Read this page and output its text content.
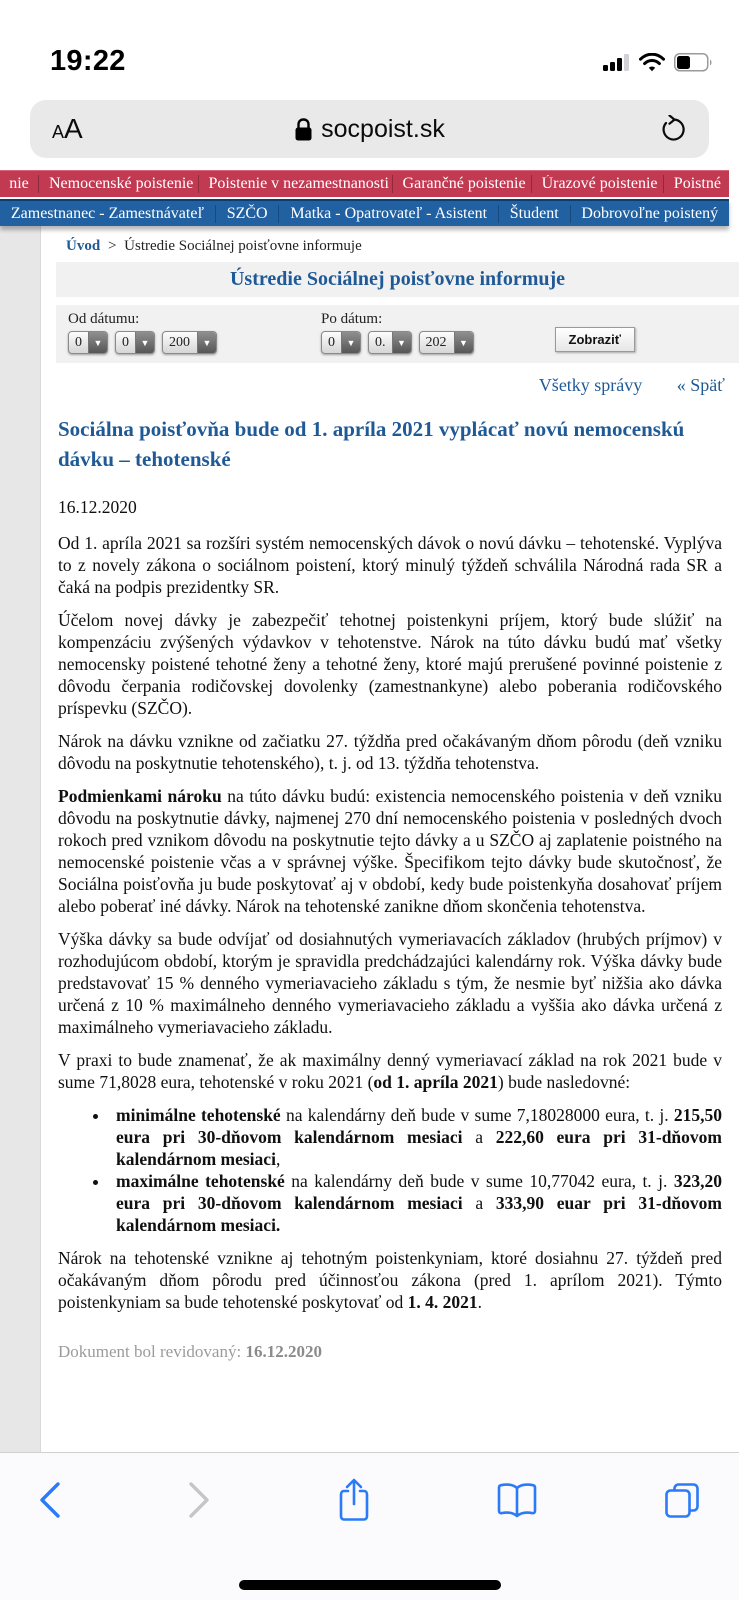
19:22
AA	socpoist.sk
nie	Nemocenské poistenie Poistenie v nezamestnanosti Garančné poistenie Úrazové poistenie	Poistné
Zamestnanec - Zamestnávateľ	SZČO	Matka - Opatrovateľ - Asistent	Študent	Dobrovoľne poistený
Úvod > Ústredie Sociálnej poisťovne informuje
Ústredie Sociálnej poisťovne informuje
Od dátumu:
0	▼	0	▼	200	▼
Po dátum:
0	▼	0.	▼	202	▼	Zobraziť
Všetky správy « Späť
Sociálna poisťovňa bude od 1. apríla 2021 vyplácať novú nemocenskú dávku – tehotenské
16.12.2020

Od 1. apríla 2021 sa rozšíri systém nemocenských dávok o novú dávku – tehotenské. Vyplýva to z novely zákona o sociálnom poistení, ktorý minulý týždeň schválila Národná rada SR a čaká na podpis prezidentky SR.

Účelom novej dávky je zabezpečiť tehotnej poistenkyni príjem, ktorý bude slúžiť na kompenzáciu zvýšených výdavkov v tehotenstve. Nárok na túto dávku budú mať všetky nemocensky poistené tehotné ženy a tehotné ženy, ktoré majú prerušené povinné poistenie z dôvodu čerpania rodičovskej dovolenky (zamestnankyne) alebo poberania rodičovského príspevku (SZČO).

Nárok na dávku vznikne od začiatku 27. týždňa pred očakávaným dňom pôrodu (deň vzniku dôvodu na poskytnutie tehotenského), t. j. od 13. týždňa tehotenstva.

Podmienkami nároku na túto dávku budú: existencia nemocenského poistenia v deň vzniku dôvodu na poskytnutie dávky, najmenej 270 dní nemocenského poistenia v posledných dvoch rokoch pred vznikom dôvodu na poskytnutie tejto dávky a u SZČO aj zaplatenie poistného na nemocenské poistenie včas a v správnej výške. Špecifikom tejto dávky bude skutočnosť, že Sociálna poisťovňa ju bude poskytovať aj v období, kedy bude poistenkyňa dosahovať príjem alebo poberať iné dávky. Nárok na tehotenské zanikne dňom skončenia tehotenstva.

Výška dávky sa bude odvíjať od dosiahnutých vymeriavacích základov (hrubých príjmov) v rozhodujúcom období, ktorým je spravidla predchádzajúci kalendárny rok. Výška dávky bude predstavovať 15 % denného vymeriavacieho základu s tým, že nesmie byť nižšia ako dávka určená z 10 % maximálneho denného vymeriavacieho základu a vyššia ako dávka určená z maximálneho vymeriavacieho základu.

V praxi to bude znamenať, že ak maximálny denný vymeriavací základ na rok 2021 bude v sume 71,8028 eura, tehotenské v roku 2021 (od 1. apríla 2021) bude nasledovné:

• minimálne tehotenské na kalendárny deň bude v sume 7,18028000 eura, t. j. 215,50 eura pri 30-dňovom kalendárnom mesiaci a 222,60 eura pri 31-dňovom kalendárnom mesiaci,
• maximálne tehotenské na kalendárny deň bude v sume 10,77042 eura, t. j. 323,20 eura pri 30-dňovom kalendárnom mesiaci a 333,90 euar pri 31-dňovom kalendárnom mesiaci.

Nárok na tehotenské vznikne aj tehotným poistenkyniam, ktoré dosiahnu 27. týždeň pred očakávaným dňom pôrodu pred účinnosťou zákona (pred 1. aprílom 2021). Týmto poistenkyniam sa bude tehotenské poskytovať od 1. 4. 2021.

Dokument bol revidovaný: 16.12.2020
